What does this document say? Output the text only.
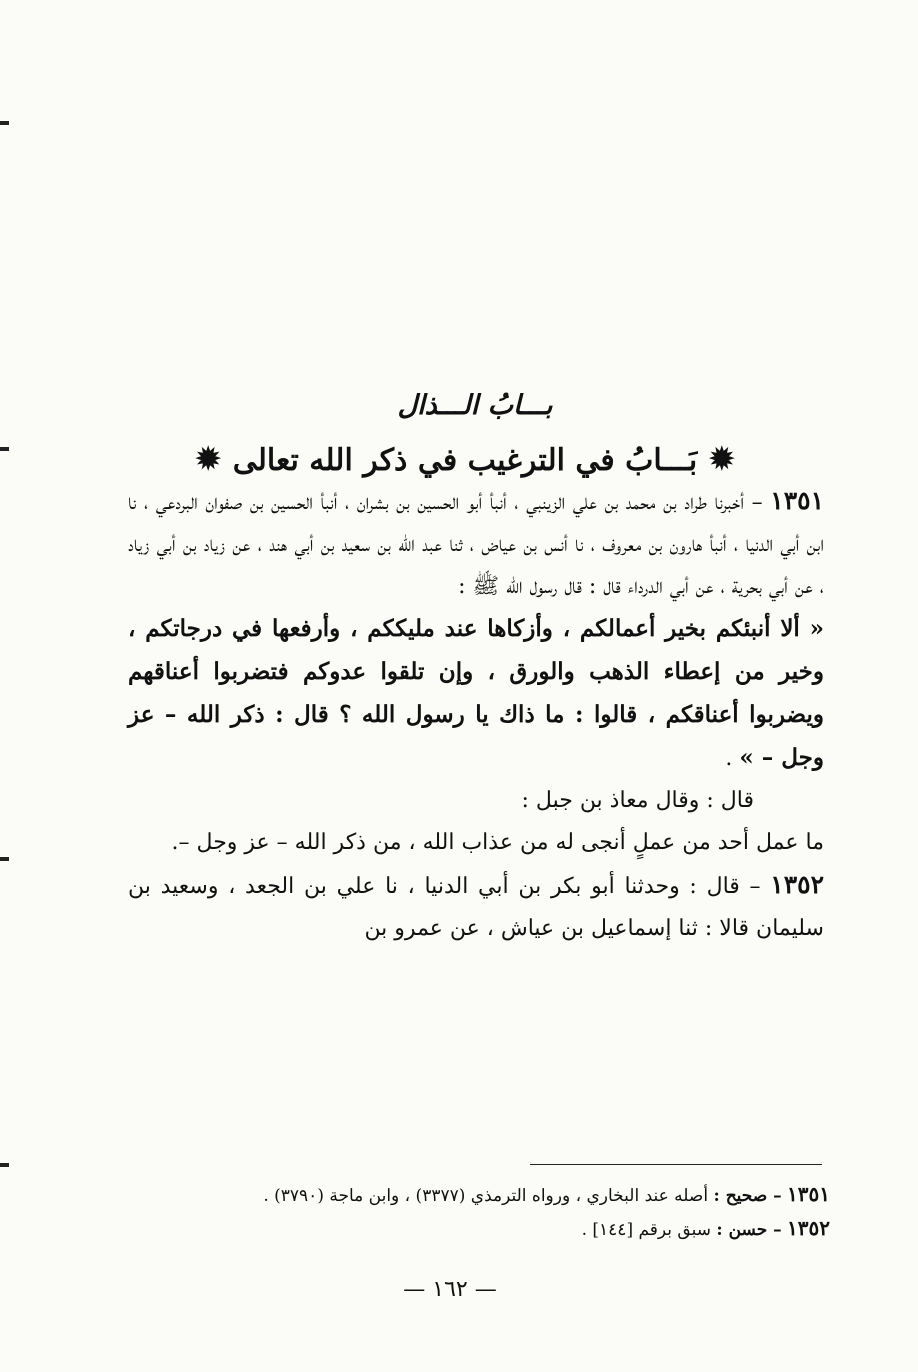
بـــابُ الـــذال
✹
بَـــابُ في الترغيب في ذكر الله تعالى
✹

١٣٥١ – أخبرنا طراد بن محمد بن علي الزينبي ، أنبأ أبو الحسين بن بشران ، أنبأ الحسين بن صفوان البردعي ، نا ابن أبي الدنيا ، أنبأ هارون بن معروف ، نا أنس بن عياض ، ثنا عبد الله بن سعيد بن أبي هند ، عن زياد بن أبي زياد ، عن أبي بحرية ، عن أبي الدرداء قال : قال رسول الله ﷺ :

« ألا أنبئكم بخير أعمالكم ، وأزكاها عند مليككم ، وأرفعها في درجاتكم ، وخير من إعطاء الذهب والورق ، وإن تلقوا عدوكم فتضربوا أعناقهم ويضربوا أعناقكم ، قالوا : ما ذاك يا رسول الله ؟ قال : ذكر الله – عز وجل – » .

قال : وقال معاذ بن جبل :

ما عمل أحد من عملٍ أنجى له من عذاب الله ، من ذكر الله – عز وجل –.

١٣٥٢ – قال : وحدثنا أبو بكر بن أبي الدنيا ، نا علي بن الجعد ، وسعيد بن سليمان قالا : ثنا إسماعيل بن عياش ، عن عمرو بن

١٣٥١ – صحيح : أصله عند البخاري ، ورواه الترمذي (٣٣٧٧) ، وابن ماجة (٣٧٩٠) .

١٣٥٢ – حسن : سبق برقم [١٤٤] .

— ١٦٢ —
